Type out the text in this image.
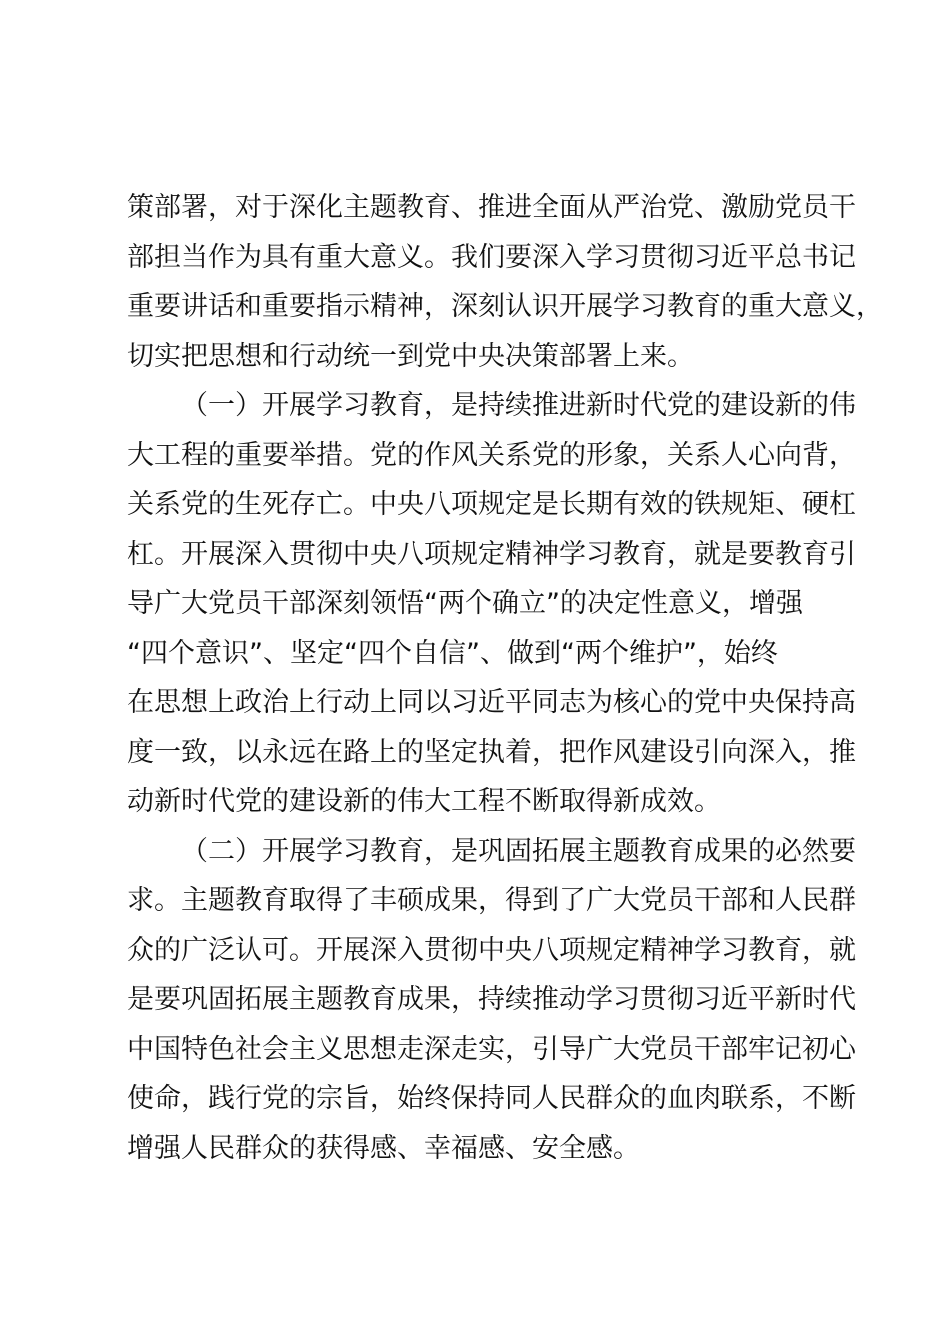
策部署，对于深化主题教育、推进全面从严治党、激励党员干
部担当作为具有重大意义。我们要深入学习贯彻习近平总书记
重要讲话和重要指示精神，深刻认识开展学习教育的重大意义，
切实把思想和行动统一到党中央决策部署上来。
（一）开展学习教育，是持续推进新时代党的建设新的伟
大工程的重要举措。党的作风关系党的形象，关系人心向背，
关系党的生死存亡。中央八项规定是长期有效的铁规矩、硬杠
杠。开展深入贯彻中央八项规定精神学习教育，就是要教育引
导广大党员干部深刻领悟“两个确立”的决定性意义，增强
“四个意识”、坚定“四个自信”、做到“两个维护”，始终
在思想上政治上行动上同以习近平同志为核心的党中央保持高
度一致，以永远在路上的坚定执着，把作风建设引向深入，推
动新时代党的建设新的伟大工程不断取得新成效。
（二）开展学习教育，是巩固拓展主题教育成果的必然要
求。主题教育取得了丰硕成果，得到了广大党员干部和人民群
众的广泛认可。开展深入贯彻中央八项规定精神学习教育，就
是要巩固拓展主题教育成果，持续推动学习贯彻习近平新时代
中国特色社会主义思想走深走实，引导广大党员干部牢记初心
使命，践行党的宗旨，始终保持同人民群众的血肉联系，不断
增强人民群众的获得感、幸福感、安全感。
